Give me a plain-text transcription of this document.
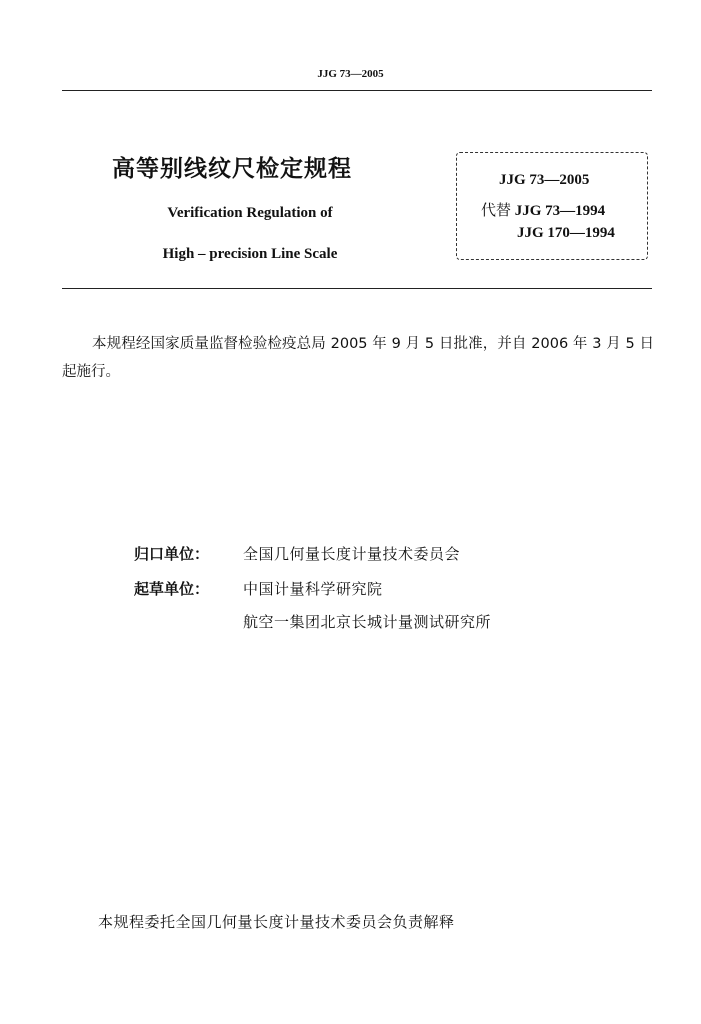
JJG 73—2005
高等别线纹尺检定规程
Verification Regulation of
High – precision Line Scale
JJG 73—2005
代替 JJG 73—1994
JJG 170—1994
本规程经国家质量监督检验检疫总局 2005 年 9 月 5 日批准，并自 2006 年 3 月 5 日起施行。
归口单位： 全国几何量长度计量技术委员会
起草单位： 中国计量科学研究院
航空一集团北京长城计量测试研究所
本规程委托全国几何量长度计量技术委员会负责解释
